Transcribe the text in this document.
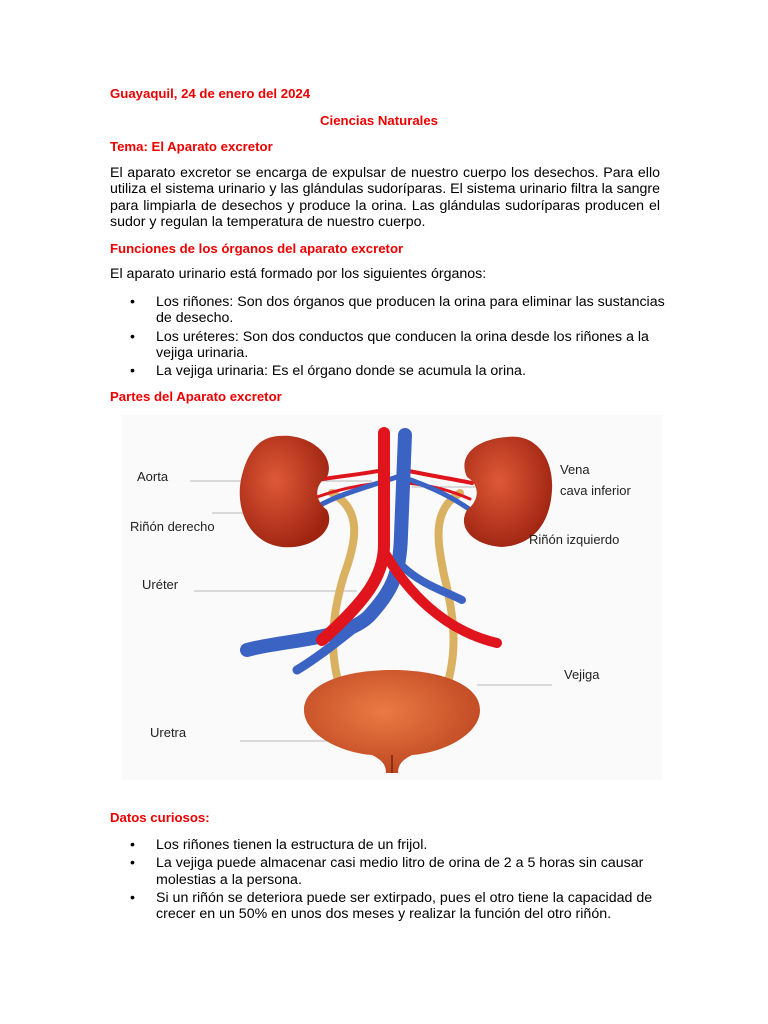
Guayaquil, 24 de enero del 2024
Ciencias Naturales
Tema: El Aparato excretor

El aparato excretor se encarga de expulsar de nuestro cuerpo los desechos. Para ello utiliza el sistema urinario y las glándulas sudoríparas. El sistema urinario filtra la sangre para limpiarla de desechos y produce la orina. Las glándulas sudoríparas producen el sudor y regulan la temperatura de nuestro cuerpo.

Funciones de los órganos del aparato excretor
El aparato urinario está formado por los siguientes órganos:
• Los riñones: Son dos órganos que producen la orina para eliminar las sustancias de desecho.
• Los uréteres: Son dos conductos que conducen la orina desde los riñones a la vejiga urinaria.
• La vejiga urinaria: Es el órgano donde se acumula la orina.
Partes del Aparato excretor
Aorta
Riñón derecho
Uréter
Uretra
Vena
cava inferior
Riñón izquierdo
Vejiga
Datos curiosos:
• Los riñones tienen la estructura de un frijol.
• La vejiga puede almacenar casi medio litro de orina de 2 a 5 horas sin causar molestias a la persona.
• Si un riñón se deteriora puede ser extirpado, pues el otro tiene la capacidad de crecer en un 50% en unos dos meses y realizar la función del otro riñón.
